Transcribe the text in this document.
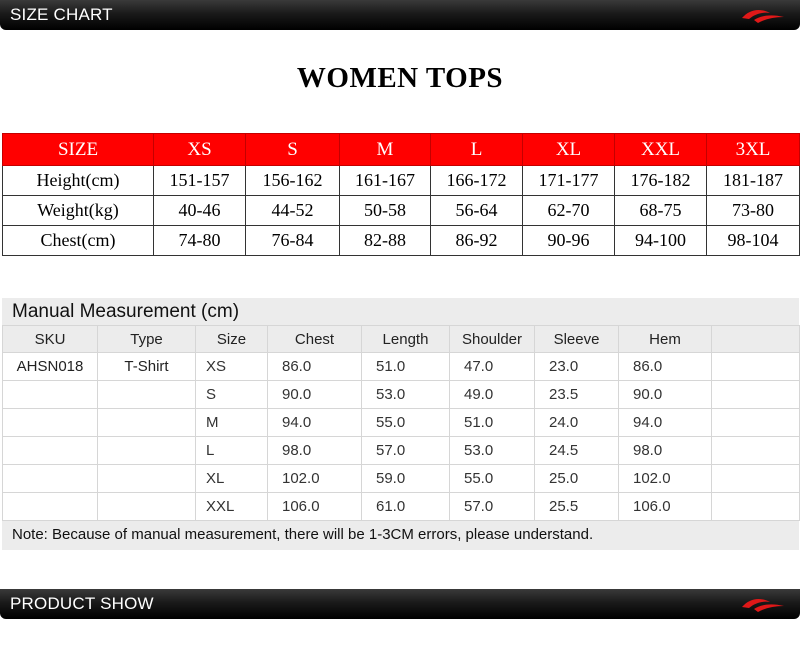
SIZE CHART
WOMEN TOPS
SIZE	XS	S	M	L	XL	XXL	3XL
Height(cm)	151-157	156-162	161-167	166-172	171-177	176-182	181-187
Weight(kg)	40-46	44-52	50-58	56-64	62-70	68-75	73-80
Chest(cm)	74-80	76-84	82-88	86-92	90-96	94-100	98-104
Manual Measurement (cm)
SKU	Type	Size	Chest	Length	Shoulder	Sleeve	Hem	
AHSN018	T-Shirt	XS	86.0	51.0	47.0	23.0	86.0	
		S	90.0	53.0	49.0	23.5	90.0	
		M	94.0	55.0	51.0	24.0	94.0	
		L	98.0	57.0	53.0	24.5	98.0	
		XL	102.0	59.0	55.0	25.0	102.0	
		XXL	106.0	61.0	57.0	25.5	106.0	
Note: Because of manual measurement, there will be 1-3CM errors, please understand.
PRODUCT SHOW
